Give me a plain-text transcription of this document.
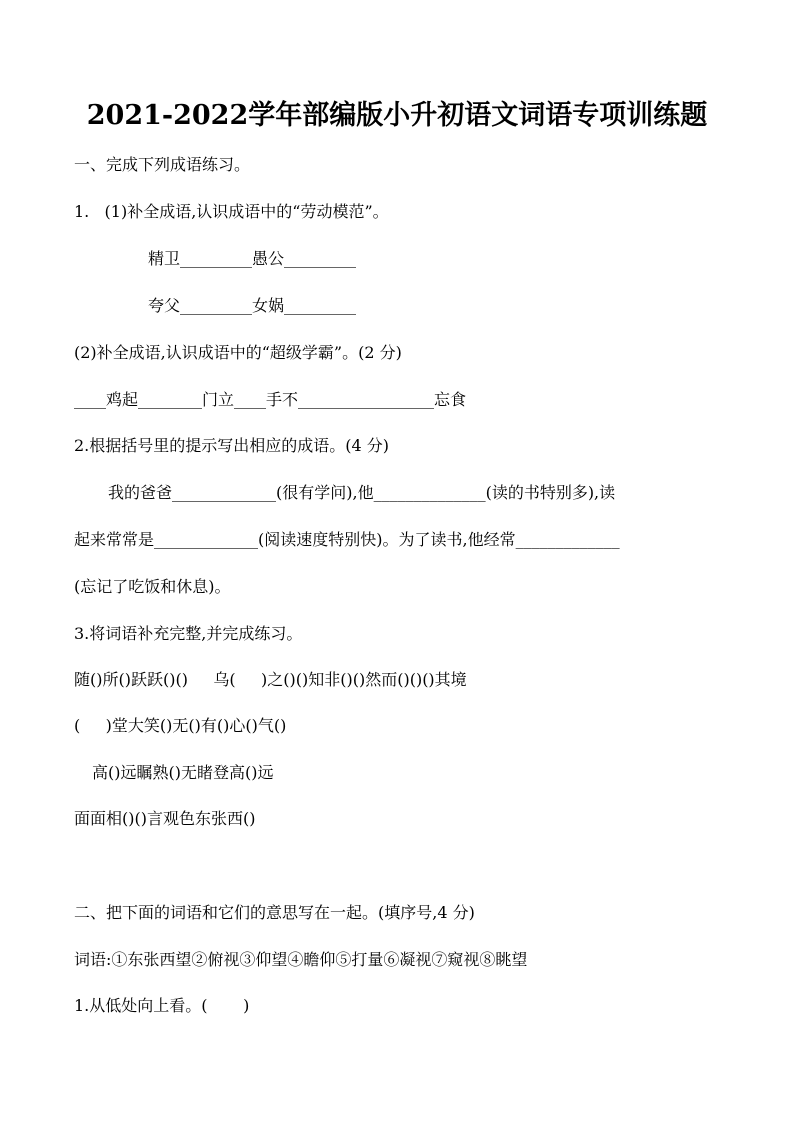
2021-2022学年部编版小升初语文词语专项训练题
一、完成下列成语练习。
1.   (1)补全成语,认识成语中的“劳动模范”。
精卫_________愚公_________
夸父_________女娲_________
(2)补全成语,认识成语中的“超级学霸”。(2 分)
____鸡起________门立____手不_________________忘食
2.根据括号里的提示写出相应的成语。(4 分)
我的爸爸_____________(很有学问),他______________(读的书特别多),读
起来常常是_____________(阅读速度特别快)。为了读书,他经常_____________
(忘记了吃饭和休息)。
3.将词语补充完整,并完成练习。
随()所()跃跃()()     乌(     )之()()知非()()然而()()()其境
(     )堂大笑()无()有()心()气()
高()远瞩熟()无睹登高()远
面面相()()言观色东张西()
二、把下面的词语和它们的意思写在一起。(填序号,4 分)
词语:①东张西望②俯视③仰望④瞻仰⑤打量⑥凝视⑦窥视⑧眺望
1.从低处向上看。(       )
